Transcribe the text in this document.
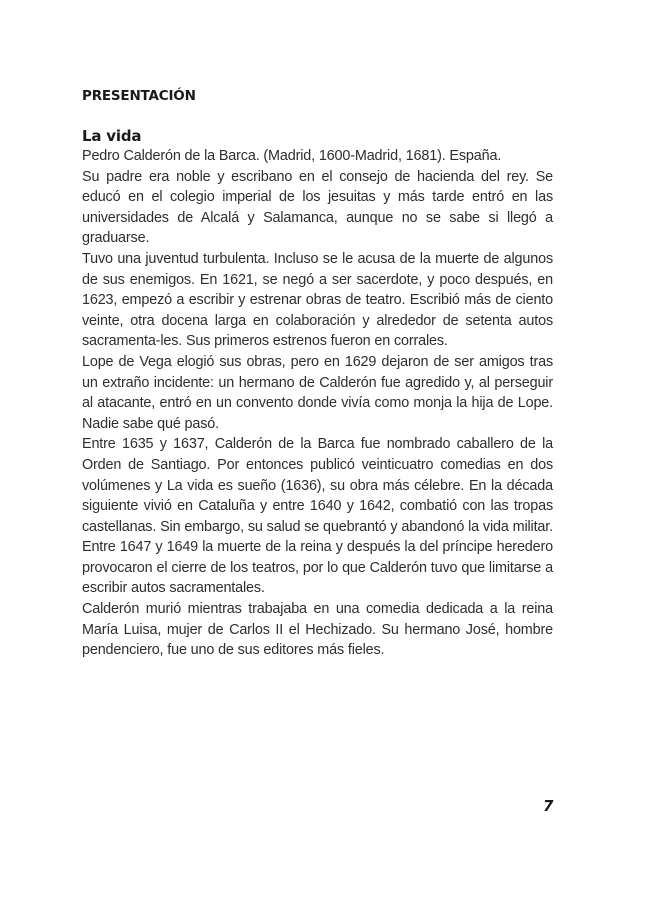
PRESENTACIÓN
La vida

Pedro Calderón de la Barca. (Madrid, 1600-Madrid, 1681). España.

Su padre era noble y escribano en el consejo de hacienda del rey. Se educó en el colegio imperial de los jesuitas y más tarde entró en las universidades de Alcalá y Salamanca, aunque no se sabe si llegó a graduarse.

Tuvo una juventud turbulenta. Incluso se le acusa de la muerte de algunos de sus enemigos. En 1621, se negó a ser sacerdote, y poco después, en 1623, empezó a escribir y estrenar obras de teatro. Escribió más de ciento veinte, otra docena larga en colaboración y alrededor de setenta autos sacramenta-les. Sus primeros estrenos fueron en corrales.

Lope de Vega elogió sus obras, pero en 1629 dejaron de ser amigos tras un extraño incidente: un hermano de Calderón fue agredido y, al perseguir al atacante, entró en un convento donde vivía como monja la hija de Lope. Nadie sabe qué pasó.

Entre 1635 y 1637, Calderón de la Barca fue nombrado caballero de la Orden de Santiago. Por entonces publicó veinticuatro comedias en dos volúmenes y La vida es sueño (1636), su obra más célebre. En la década siguiente vivió en Cataluña y entre 1640 y 1642, combatió con las tropas castellanas. Sin embargo, su salud se quebrantó y abandonó la vida militar. Entre 1647 y 1649 la muerte de la reina y después la del príncipe heredero provocaron el cierre de los teatros, por lo que Calderón tuvo que limitarse a escribir autos sacramentales.

Calderón murió mientras trabajaba en una comedia dedicada a la reina María Luisa, mujer de Carlos II el Hechizado. Su hermano José, hombre pendenciero, fue uno de sus editores más fieles.

7
